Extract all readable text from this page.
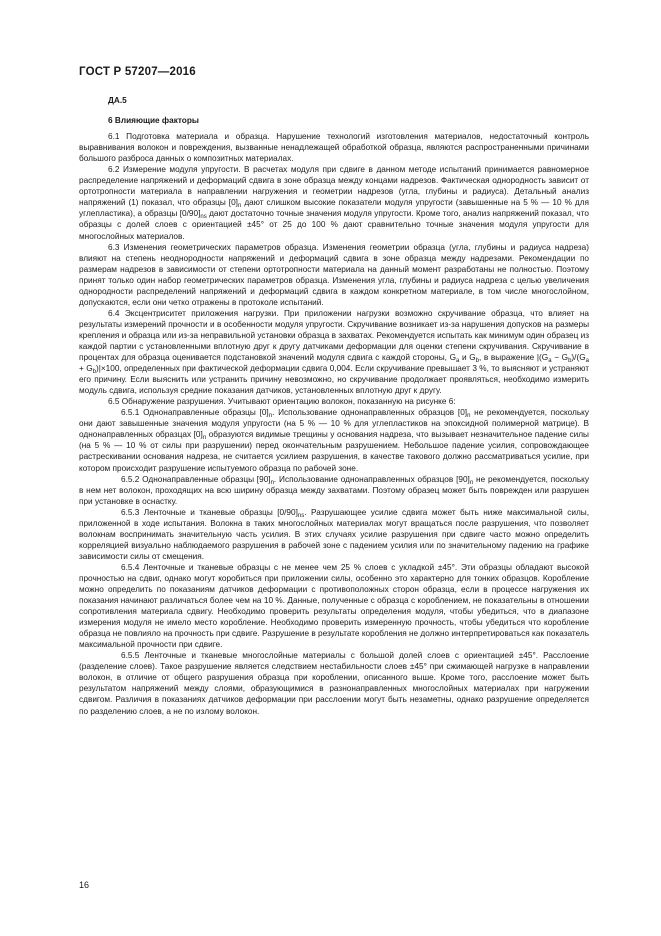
ГОСТ Р 57207—2016
ДА.5
6 Влияющие факторы

6.1 Подготовка материала и образца. Нарушение технологий изготовления материалов, недостаточный контроль выравнивания волокон и повреждения, вызванные ненадлежащей обработкой образца, являются распространенными причинами большого разброса данных о композитных материалах.

6.2 Измерение модуля упругости. В расчетах модуля при сдвиге в данном методе испытаний принимается равномерное распределение напряжений и деформаций сдвига в зоне образца между концами надрезов. Фактическая однородность зависит от ортотропности материала в направлении нагружения и геометрии надрезов (угла, глубины и радиуса). Детальный анализ напряжений (1) показал, что образцы $[0]_n$ дают слишком высокие показатели модуля упругости (завышенные на 5 % — 10 % для углепластика), а образцы $[0/90]_{ns}$ дают достаточно точные значения модуля упругости. Кроме того, анализ напряжений показал, что образцы с долей слоев с ориентацией ±45° от 25 до 100 % дают сравнительно точные значения модуля упругости для многослойных материалов.

6.3 Изменения геометрических параметров образца. Изменения геометрии образца (угла, глубины и радиуса надреза) влияют на степень неоднородности напряжений и деформаций сдвига в зоне образца между надрезами. Рекомендации по размерам надрезов в зависимости от степени ортотропности материала на данный момент разработаны не полностью. Поэтому принят только один набор геометрических параметров образца. Изменения угла, глубины и радиуса надреза с целью увеличения однородности распределений напряжений и деформаций сдвига в каждом конкретном материале, в том числе многослойном, допускаются, если они четко отражены в протоколе испытаний.

6.4 Эксцентриситет приложения нагрузки. При приложении нагрузки возможно скручивание образца, что влияет на результаты измерений прочности и в особенности модуля упругости. Скручивание возникает из-за нарушения допусков на размеры крепления и образца или из-за неправильной установки образца в захватах. Рекомендуется испытать как минимум один образец из каждой партии с установленными вплотную друг к другу датчиками деформации для оценки степени скручивания. Скручивание в процентах для образца оценивается подстановкой значений модуля сдвига с каждой стороны, $G_a$ и $G_b$, в выражение $|(G_a - G_b)/(G_a + G_b)|\times 100$, определенных при фактической деформации сдвига 0,004. Если скручивание превышает 3 %, то выясняют и устраняют его причину. Если выяснить или устранить причину невозможно, но скручивание продолжает проявляться, необходимо измерить модуль сдвига, используя средние показания датчиков, установленных вплотную друг к другу.

6.5 Обнаружение разрушения. Учитывают ориентацию волокон, показанную на рисунке 6:

6.5.1 Однонаправленные образцы $[0]_n$. Использование однонаправленных образцов $[0]_n$ не рекомендуется, поскольку они дают завышенные значения модуля упругости (на 5 % — 10 % для углепластиков на эпоксидной полимерной матрице). В однонаправленных образцах $[0]_n$ образуются видимые трещины у основания надреза, что вызывает незначительное падение силы (на 5 % — 10 % от силы при разрушении) перед окончательным разрушением. Небольшое падение усилия, сопровождающее растрескивании основания надреза, не считается усилием разрушения, в качестве такового должно рассматриваться усилие, при котором происходит разрушение испытуемого образца по рабочей зоне.

6.5.2 Однонаправленные образцы $[90]_n$. Использование однонаправленных образцов $[90]_n$ не рекомендуется, поскольку в нем нет волокон, проходящих на всю ширину образца между захватами. Поэтому образец может быть поврежден или разрушен при установке в оснастку.

6.5.3 Ленточные и тканевые образцы $[0/90]_{ns}$. Разрушающее усилие сдвига может быть ниже максимальной силы, приложенной в ходе испытания. Волокна в таких многослойных материалах могут вращаться после разрушения, что позволяет волокнам воспринимать значительную часть усилия. В этих случаях усилие разрушения при сдвиге часто можно определить корреляцией визуально наблюдаемого разрушения в рабочей зоне с падением усилия или по значительному падению на графике зависимости силы от смещения.

6.5.4 Ленточные и тканевые образцы с не менее чем 25 % слоев с укладкой ±45°. Эти образцы обладают высокой прочностью на сдвиг, однако могут коробиться при приложении силы, особенно это характерно для тонких образцов. Коробление можно определить по показаниям датчиков деформации с противоположных сторон образца, если в процессе нагружения их показания начинают различаться более чем на 10 %. Данные, полученные с образца с короблением, не показательны в отношении сопротивления материала сдвигу. Необходимо проверить результаты определения модуля, чтобы убедиться, что в диапазоне измерения модуля не имело место коробление. Необходимо проверить измеренную прочность, чтобы убедиться что коробление образца не повлияло на прочность при сдвиге. Разрушение в результате коробления не должно интерпретироваться как показатель максимальной прочности при сдвиге.

6.5.5 Ленточные и тканевые многослойные материалы с большой долей слоев с ориентацией ±45°. Расслоение (разделение слоев). Такое разрушение является следствием нестабильности слоев ±45° при сжимающей нагрузке в направлении волокон, в отличие от общего разрушения образца при короблении, описанного выше. Кроме того, расслоение может быть результатом напряжений между слоями, образующимися в разнонаправленных многослойных материалах при нагружении сдвигом. Различия в показаниях датчиков деформации при расслоении могут быть незаметны, однако разрушение определяется по разделению слоев, а не по излому волокон.

16
